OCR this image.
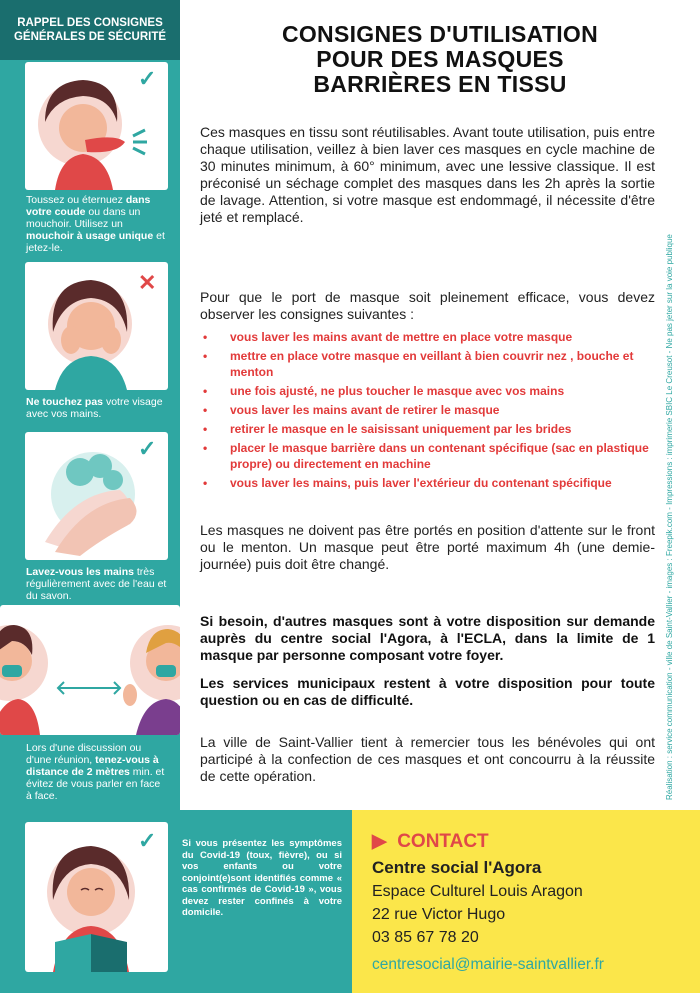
RAPPEL DES CONSIGNES GÉNÉRALES DE SÉCURITÉ
✓
Toussez ou éternuez dans votre coude ou dans un mouchoir. Utilisez un mouchoir à usage unique et jetez-le.
✕
Ne touchez pas votre visage avec vos mains.
✓
Lavez-vous les mains très régulièrement avec de l'eau et du savon.
Lors d'une discussion ou d'une réunion, tenez-vous à distance de 2 mètres min. et évitez de vous parler en face à face.
CONSIGNES D'UTILISATION
POUR DES MASQUES
BARRIÈRES EN TISSU
Ces masques en tissu sont réutilisables. Avant toute utilisation, puis entre chaque utilisation, veillez à bien laver ces masques en cycle machine de 30 minutes minimum, à 60° minimum, avec une lessive classique. Il est préconisé un séchage complet des masques dans les 2h après la sortie de lavage. Attention, si votre masque est endommagé, il nécessite d'être jeté et remplacé.
Pour que le port de masque soit pleinement efficace, vous devez observer les consignes suivantes :
• vous laver les mains avant de mettre en place votre masque
• mettre en place votre masque en veillant à bien couvrir nez , bouche et menton
• une fois ajusté, ne plus toucher le masque avec vos mains
• vous laver les mains avant de retirer le masque
• retirer le masque en le saisissant uniquement par les brides
• placer le masque barrière dans un contenant spécifique (sac en plastique propre) ou directement en machine
• vous laver les mains, puis laver l'extérieur du contenant spécifique
Les masques ne doivent pas être portés en position d'attente sur le front ou le menton. Un masque peut être porté maximum 4h (une demie-journée) puis doit être changé.
Si besoin, d'autres masques sont à votre disposition sur demande auprès du centre social l'Agora, à l'ECLA, dans la limite de 1 masque par personne composant votre foyer.
Les services municipaux restent à votre disposition pour toute question ou en cas de difficulté.
La ville de Saint-Vallier tient à remercier tous les bénévoles qui ont participé à la confection de ces masques et ont concourru à la réussite de cette opération.	Réalisation : service communication - ville de Saint-Vallier - images : Freepik.com - Impressions : imprimerie SBIC Le Creusot - Ne pas jeter sur la voie publique
✓	Si vous présentez les symptômes du Covid-19 (toux, fièvre), ou si vos enfants ou votre conjoint(e)sont identifiés comme « cas confirmés de Covid-19 », vous devez rester confinés à votre domicile.
▶ CONTACT
Centre social l'Agora
Espace Culturel Louis Aragon
22 rue Victor Hugo
03 85 67 78 20
centresocial@mairie-saintvallier.fr
